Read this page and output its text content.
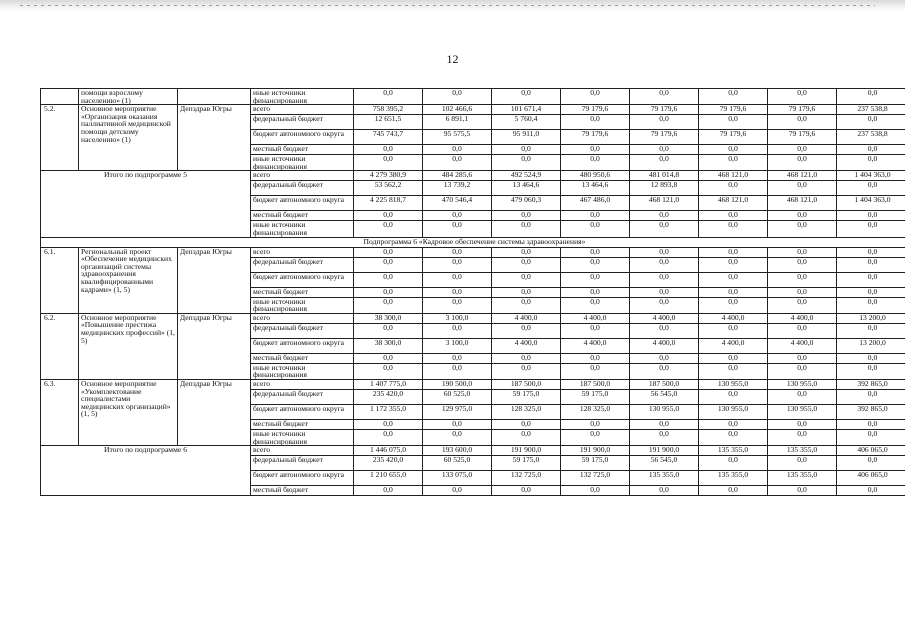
12
	помощи взрослому населению» (1)		иные источники финансирования	0,0	0,0	0,0	0,0	0,0	0,0	0,0	0,0
5.2.	Основное мероприятие «Организация оказания паллиативной медицинской помощи детскому населению» (1)	Депздрав Югры	всего	758 395,2	102 466,6	101 671,4	79 179,6	79 179,6	79 179,6	79 179,6	237 538,8
			федеральный бюджет	12 651,5	6 891,1	5 760,4	0,0	0,0	0,0	0,0	0,0
			бюджет автономного округа	745 743,7	95 575,5	95 911,0	79 179,6	79 179,6	79 179,6	79 179,6	237 538,8
			местный бюджет	0,0	0,0	0,0	0,0	0,0	0,0	0,0	0,0
			иные источники финансирования	0,0	0,0	0,0	0,0	0,0	0,0	0,0	0,0
Итого по подпрограмме 5			всего	4 279 380,9	484 285,6	492 524,9	480 950,6	481 014,8	468 121,0	468 121,0	1 404 363,0
			федеральный бюджет	53 562,2	13 739,2	13 464,6	13 464,6	12 893,8	0,0	0,0	0,0
			бюджет автономного округа	4 225 818,7	470 546,4	479 060,3	467 486,0	468 121,0	468 121,0	468 121,0	1 404 363,0
			местный бюджет	0,0	0,0	0,0	0,0	0,0	0,0	0,0	0,0
			иные источники финансирования	0,0	0,0	0,0	0,0	0,0	0,0	0,0	0,0
Подпрограмма 6 «Кадровое обеспечение системы здравоохранения»											
6.1.	Региональный проект «Обеспечение медицинских организаций системы здравоохранения квалифицированными кадрами» (1, 5)	Депздрав Югры	всего	0,0	0,0	0,0	0,0	0,0	0,0	0,0	0,0
			федеральный бюджет	0,0	0,0	0,0	0,0	0,0	0,0	0,0	0,0
			бюджет автономного округа	0,0	0,0	0,0	0,0	0,0	0,0	0,0	0,0
			местный бюджет	0,0	0,0	0,0	0,0	0,0	0,0	0,0	0,0
			иные источники финансирования	0,0	0,0	0,0	0,0	0,0	0,0	0,0	0,0
6.2.	Основное мероприятие «Повышение престижа медицинских профессий» (1, 5)	Депздрав Югры	всего	38 300,0	3 100,0	4 400,0	4 400,0	4 400,0	4 400,0	4 400,0	13 200,0
			федеральный бюджет	0,0	0,0	0,0	0,0	0,0	0,0	0,0	0,0
			бюджет автономного округа	38 300,0	3 100,0	4 400,0	4 400,0	4 400,0	4 400,0	4 400,0	13 200,0
			местный бюджет	0,0	0,0	0,0	0,0	0,0	0,0	0,0	0,0
			иные источники финансирования	0,0	0,0	0,0	0,0	0,0	0,0	0,0	0,0
6.3.	Основное мероприятие «Укомплектование специалистами медицинских организаций» (1, 5)	Депздрав Югры	всего	1 407 775,0	190 500,0	187 500,0	187 500,0	187 500,0	130 955,0	130 955,0	392 865,0
			федеральный бюджет	235 420,0	60 525,0	59 175,0	59 175,0	56 545,0	0,0	0,0	0,0
			бюджет автономного округа	1 172 355,0	129 975,0	128 325,0	128 325,0	130 955,0	130 955,0	130 955,0	392 865,0
			местный бюджет	0,0	0,0	0,0	0,0	0,0	0,0	0,0	0,0
			иные источники финансирования	0,0	0,0	0,0	0,0	0,0	0,0	0,0	0,0
Итого по подпрограмме 6			всего	1 446 075,0	193 600,0	191 900,0	191 900,0	191 900,0	135 355,0	135 355,0	406 065,0
			федеральный бюджет	235 420,0	60 525,0	59 175,0	59 175,0	56 545,0	0,0	0,0	0,0
			бюджет автономного округа	1 210 655,0	133 075,0	132 725,0	132 725,0	135 355,0	135 355,0	135 355,0	406 065,0
			местный бюджет	0,0	0,0	0,0	0,0	0,0	0,0	0,0	0,0
